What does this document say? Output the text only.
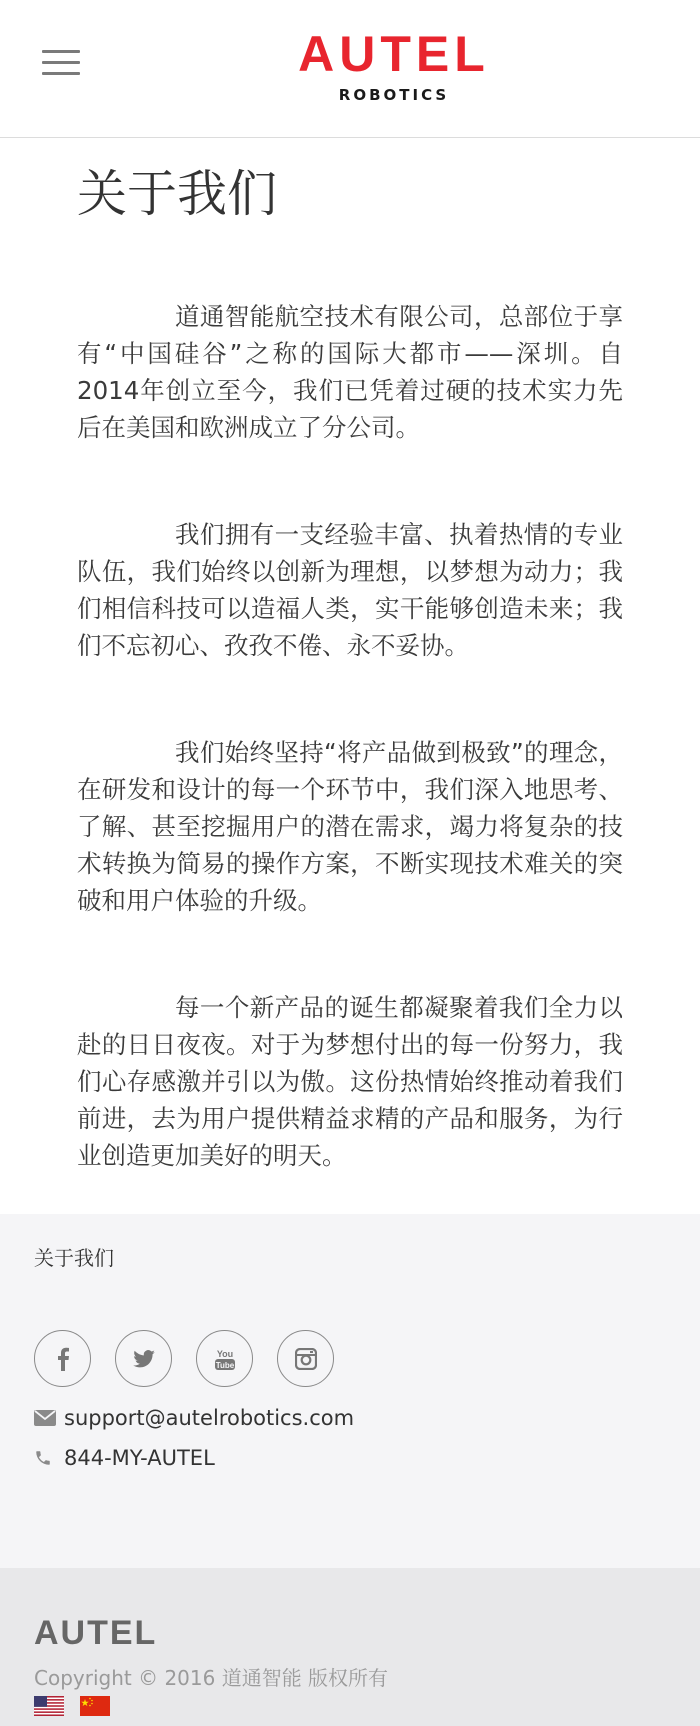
AUTEL
ROBOTICS
关于我们

道通智能航空技术有限公司，总部位于享有“中国硅谷”之称的国际大都市——深圳。自2014年创立至今，我们已凭着过硬的技术实力先后在美国和欧洲成立了分公司。

我们拥有一支经验丰富、执着热情的专业队伍，我们始终以创新为理想，以梦想为动力；我们相信科技可以造福人类，实干能够创造未来；我们不忘初心、孜孜不倦、永不妥协。

我们始终坚持“将产品做到极致”的理念，在研发和设计的每一个环节中，我们深入地思考、了解、甚至挖掘用户的潜在需求，竭力将复杂的技术转换为简易的操作方案，不断实现技术难关的突破和用户体验的升级。

每一个新产品的诞生都凝聚着我们全力以赴的日日夜夜。对于为梦想付出的每一份努力，我们心存感激并引以为傲。这份热情始终推动着我们前进，去为用户提供精益求精的产品和服务，为行业创造更加美好的明天。

关于我们
You
Tube
support@autelrobotics.com
844-MY-AUTEL
AUTEL
Copyright © 2016 道通智能 版权所有
